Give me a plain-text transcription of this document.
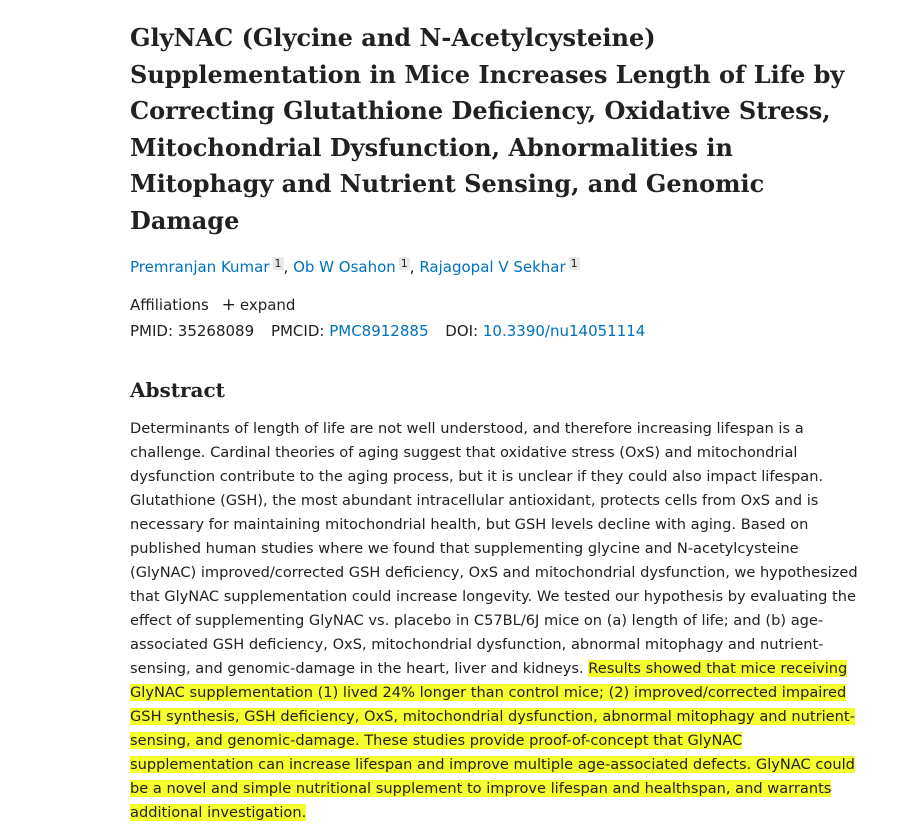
GlyNAC (Glycine and N-Acetylcysteine) Supplementation in Mice Increases Length of Life by Correcting Glutathione Deficiency, Oxidative Stress, Mitochondrial Dysfunction, Abnormalities in Mitophagy and Nutrient Sensing, and Genomic Damage
Premranjan Kumar 1 , Ob W Osahon 1 , Rajagopal V Sekhar 1
Affiliations + expand
PMID: 35268089 PMCID: PMC8912885 DOI: 10.3390/nu14051114
Abstract

Determinants of length of life are not well understood, and therefore increasing lifespan is a challenge. Cardinal theories of aging suggest that oxidative stress (OxS) and mitochondrial dysfunction contribute to the aging process, but it is unclear if they could also impact lifespan. Glutathione (GSH), the most abundant intracellular antioxidant, protects cells from OxS and is necessary for maintaining mitochondrial health, but GSH levels decline with aging. Based on published human studies where we found that supplementing glycine and N-acetylcysteine (GlyNAC) improved/corrected GSH deficiency, OxS and mitochondrial dysfunction, we hypothesized that GlyNAC supplementation could increase longevity. We tested our hypothesis by evaluating the effect of supplementing GlyNAC vs. placebo in C57BL/6J mice on (a) length of life; and (b) age-associated GSH deficiency, OxS, mitochondrial dysfunction, abnormal mitophagy and nutrient-sensing, and genomic-damage in the heart, liver and kidneys. Results showed that mice receiving GlyNAC supplementation (1) lived 24% longer than control mice; (2) improved/corrected impaired GSH synthesis, GSH deficiency, OxS, mitochondrial dysfunction, abnormal mitophagy and nutrient-sensing, and genomic-damage. These studies provide proof-of-concept that GlyNAC supplementation can increase lifespan and improve multiple age-associated defects. GlyNAC could be a novel and simple nutritional supplement to improve lifespan and healthspan, and warrants additional investigation.
